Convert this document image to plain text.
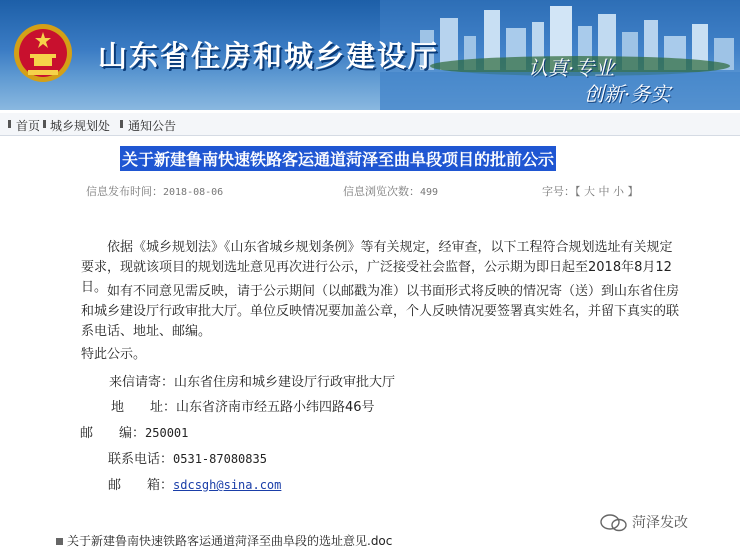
山东省住房和城乡建设厅	认真·专业
创新·务实
首页 城乡规划处 通知公告
关于新建鲁南快速铁路客运通道菏泽至曲阜段项目的批前公示
信息发布时间：2018-08-06	信息浏览次数：499	字号：【 大 中 小 】
依据《城乡规划法》《山东省城乡规划条例》等有关规定，经审查，以下工程符合规划选址有关规定要求，现就该项目的规划选址意见再次进行公示，广泛接受社会监督，公示期为即日起至2018年8月12日。 如有不同意见需反映，请于公示期间（以邮戳为准）以书面形式将反映的情况寄（送）到山东省住房和城乡建设厅行政审批大厅。单位反映情况要加盖公章，个人反映情况要签署真实姓名，并留下真实的联系电话、地址、邮编。
特此公示。
来信请寄：山东省住房和城乡建设厅行政审批大厅
地　　址：山东省济南市经五路小纬四路46号
邮　　编：250001
联系电话：0531-87080835
邮　　箱：sdcsgh@sina.com
关于新建鲁南快速铁路客运通道菏泽至曲阜段的选址意见.doc
菏泽发改
